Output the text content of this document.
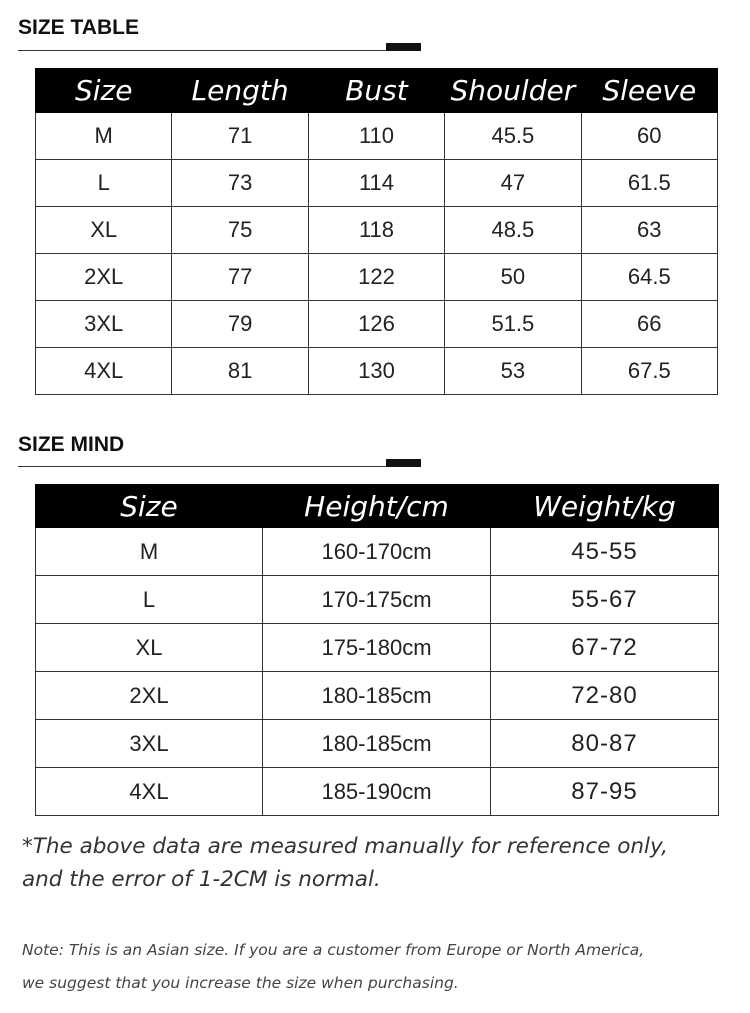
SIZE TABLE
Size	Length	Bust	Shoulder	Sleeve
M	71	110	45.5	60
L	73	114	47	61.5
XL	75	118	48.5	63
2XL	77	122	50	64.5
3XL	79	126	51.5	66
4XL	81	130	53	67.5
SIZE MIND
Size	Height/cm	Weight/kg
M	160-170cm	45-55
L	170-175cm	55-67
XL	175-180cm	67-72
2XL	180-185cm	72-80
3XL	180-185cm	80-87
4XL	185-190cm	87-95
*The above data are measured manually for reference only,
and the error of 1-2CM is normal.
Note: This is an Asian size. If you are a customer from Europe or North America,
we suggest that you increase the size when purchasing.
